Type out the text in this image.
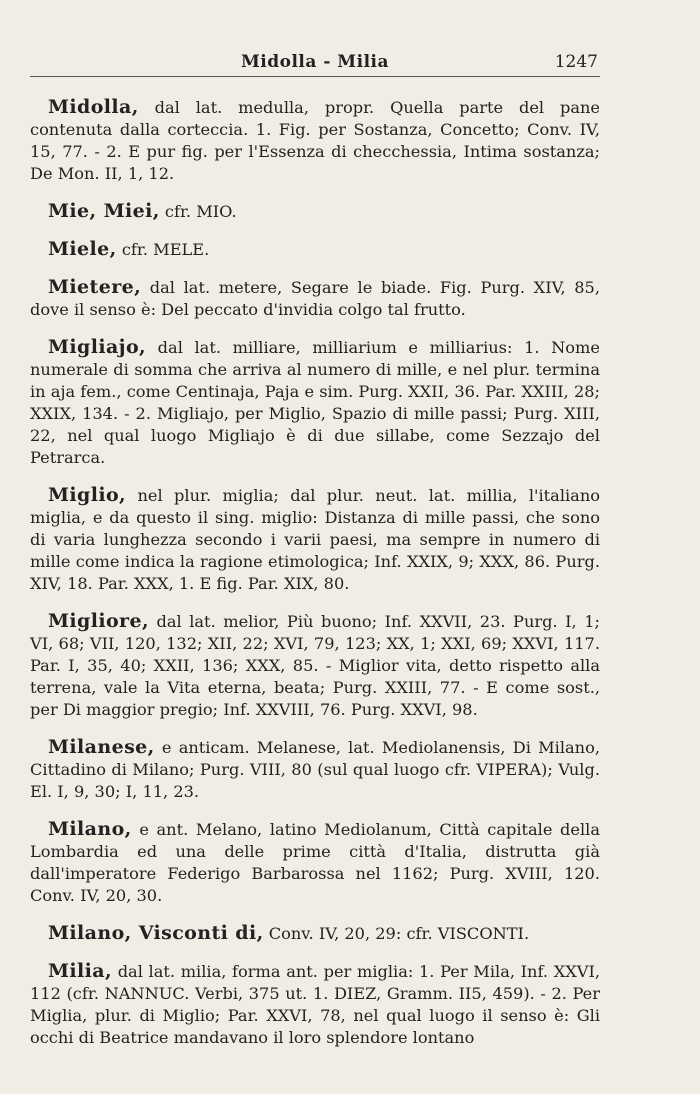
Midolla - Milia	1247

Midolla, dal lat. medulla, propr. Quella parte del pane contenuta dalla corteccia. 1. Fig. per Sostanza, Concetto; Conv. IV, 15, 77. - 2. E pur fig. per l'Essenza di checchessia, Intima sostanza; De Mon. II, 1, 12.

Mie, Miei, cfr. MIO.

Miele, cfr. MELE.

Mietere, dal lat. metere, Segare le biade. Fig. Purg. XIV, 85, dove il senso è: Del peccato d'invidia colgo tal frutto.

Migliajo, dal lat. milliare, milliarium e milliarius: 1. Nome numerale di somma che arriva al numero di mille, e nel plur. termina in aja fem., come Centinaja, Paja e sim. Purg. XXII, 36. Par. XXIII, 28; XXIX, 134. - 2. Migliajo, per Miglio, Spazio di mille passi; Purg. XIII, 22, nel qual luogo Migliajo è di due sillabe, come Sezzajo del Petrarca.

Miglio, nel plur. miglia; dal plur. neut. lat. millia, l'italiano miglia, e da questo il sing. miglio: Distanza di mille passi, che sono di varia lunghezza secondo i varii paesi, ma sempre in numero di mille come indica la ragione etimologica; Inf. XXIX, 9; XXX, 86. Purg. XIV, 18. Par. XXX, 1. E fig. Par. XIX, 80.

Migliore, dal lat. melior, Più buono; Inf. XXVII, 23. Purg. I, 1; VI, 68; VII, 120, 132; XII, 22; XVI, 79, 123; XX, 1; XXI, 69; XXVI, 117. Par. I, 35, 40; XXII, 136; XXX, 85. - Miglior vita, detto rispetto alla terrena, vale la Vita eterna, beata; Purg. XXIII, 77. - E come sost., per Di maggior pregio; Inf. XXVIII, 76. Purg. XXVI, 98.

Milanese, e anticam. Melanese, lat. Mediolanensis, Di Milano, Cittadino di Milano; Purg. VIII, 80 (sul qual luogo cfr. VIPERA); Vulg. El. I, 9, 30; I, 11, 23.

Milano, e ant. Melano, latino Mediolanum, Città capitale della Lombardia ed una delle prime città d'Italia, distrutta già dall'imperatore Federigo Barbarossa nel 1162; Purg. XVIII, 120. Conv. IV, 20, 30.

Milano, Visconti di, Conv. IV, 20, 29: cfr. VISCONTI.

Milia, dal lat. milia, forma ant. per miglia: 1. Per Mila, Inf. XXVI, 112 (cfr. NANNUC. Verbi, 375 ut. 1. DIEZ, Gramm. II5, 459). - 2. Per Miglia, plur. di Miglio; Par. XXVI, 78, nel qual luogo il senso è: Gli occhi di Beatrice mandavano il loro splendore lontano
